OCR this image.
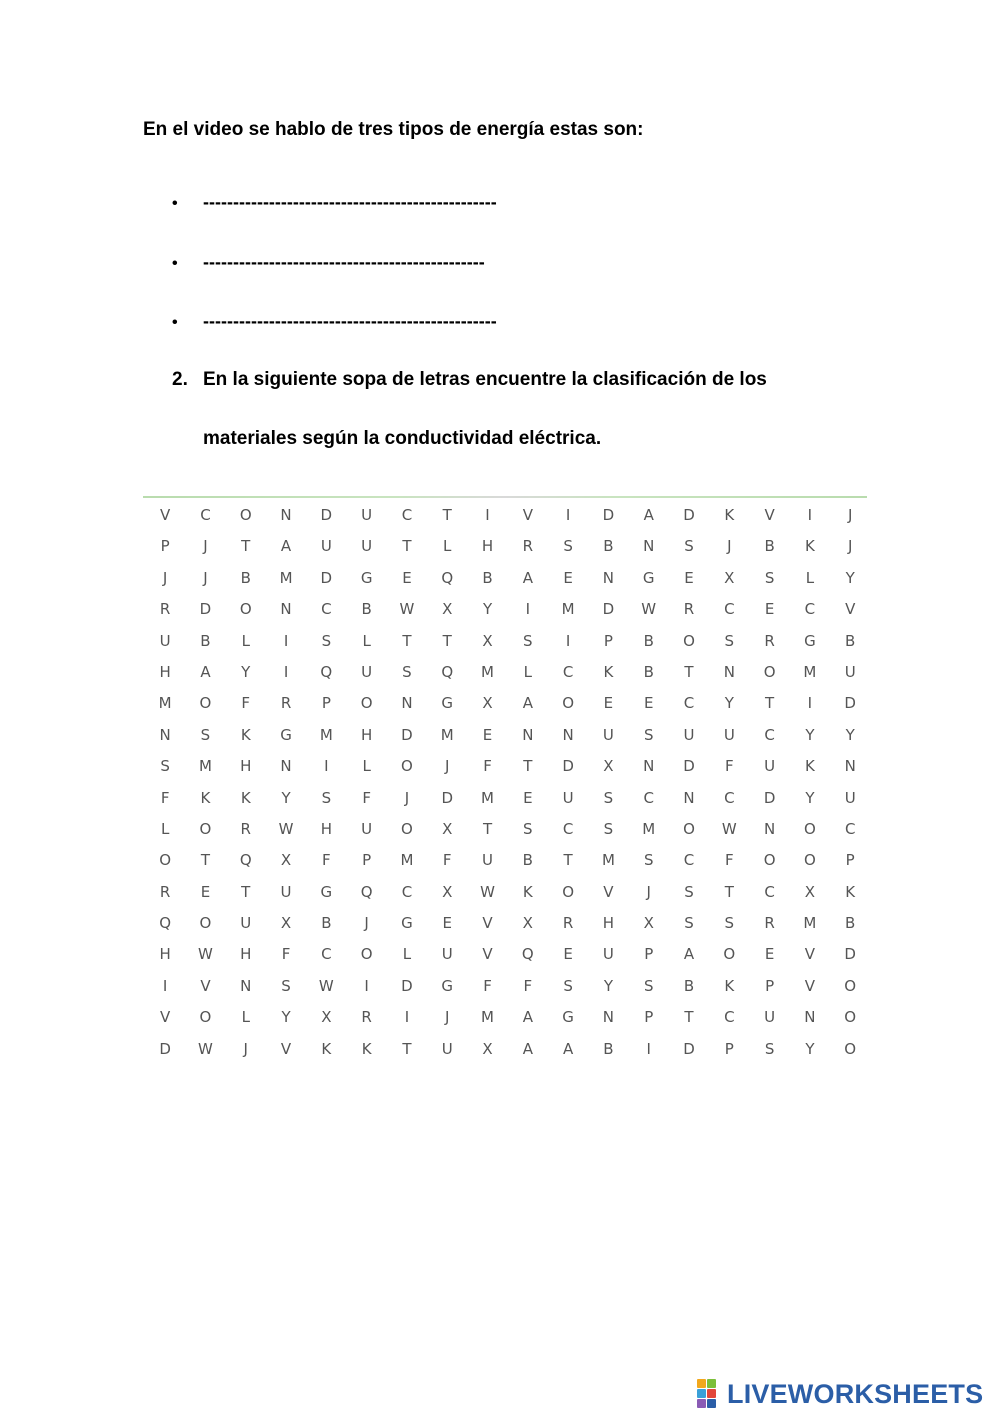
En el video se hablo de tres tipos de energía estas son:
• -------------------------------------------------
• -----------------------------------------------
• -------------------------------------------------
2. En la siguiente sopa de letras encuentre la clasificación de los
materiales según la conductividad eléctrica.
V	C	O	N	D	U	C	T	I	V	I	D	A	D	K	V	I	J
P	J	T	A	U	U	T	L	H	R	S	B	N	S	J	B	K	J
J	J	B	M	D	G	E	Q	B	A	E	N	G	E	X	S	L	Y
R	D	O	N	C	B	W	X	Y	I	M	D	W	R	C	E	C	V
U	B	L	I	S	L	T	T	X	S	I	P	B	O	S	R	G	B
H	A	Y	I	Q	U	S	Q	M	L	C	K	B	T	N	O	M	U
M	O	F	R	P	O	N	G	X	A	O	E	E	C	Y	T	I	D
N	S	K	G	M	H	D	M	E	N	N	U	S	U	U	C	Y	Y
S	M	H	N	I	L	O	J	F	T	D	X	N	D	F	U	K	N
F	K	K	Y	S	F	J	D	M	E	U	S	C	N	C	D	Y	U
L	O	R	W	H	U	O	X	T	S	C	S	M	O	W	N	O	C
O	T	Q	X	F	P	M	F	U	B	T	M	S	C	F	O	O	P
R	E	T	U	G	Q	C	X	W	K	O	V	J	S	T	C	X	K
Q	O	U	X	B	J	G	E	V	X	R	H	X	S	S	R	M	B
H	W	H	F	C	O	L	U	V	Q	E	U	P	A	O	E	V	D
I	V	N	S	W	I	D	G	F	F	S	Y	S	B	K	P	V	O
V	O	L	Y	X	R	I	J	M	A	G	N	P	T	C	U	N	O
D	W	J	V	K	K	T	U	X	A	A	B	I	D	P	S	Y	O
LIVEWORKSHEETS
